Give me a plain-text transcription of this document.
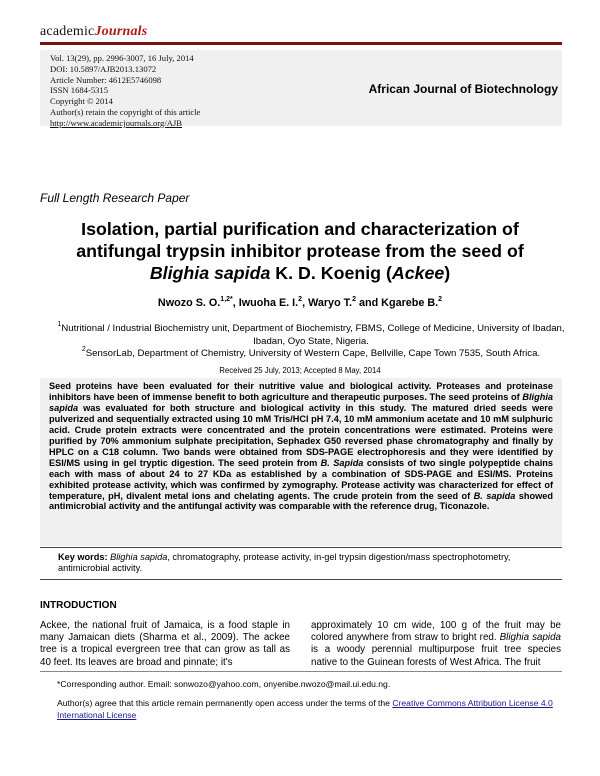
academicJournals
Vol. 13(29), pp. 2996-3007, 16 July, 2014
DOI: 10.5897/AJB2013.13072
Article Number: 4612E5746098
ISSN 1684-5315
Copyright © 2014
Author(s) retain the copyright of this article
http://www.academicjournals.org/AJB
African Journal of Biotechnology
Full Length Research Paper
Isolation, partial purification and characterization of
antifungal trypsin inhibitor protease from the seed of
Blighia sapida K. D. Koenig (Ackee)
Nwozo S. O.$^{1,2*}$, Iwuoha E. I.$^2$, Waryo T.$^2$ and Kgarebe B.$^2$
$^1$Nutritional / Industrial Biochemistry unit, Department of Biochemistry, FBMS, College of Medicine, University of Ibadan, Ibadan, Oyo State, Nigeria.
$^2$SensorLab, Department of Chemistry, University of Western Cape, Bellville, Cape Town 7535, South Africa.
Received 25 July, 2013; Accepted 8 May, 2014
Seed proteins have been evaluated for their nutritive value and biological activity. Proteases and proteinase inhibitors have been of immense benefit to both agriculture and therapeutic purposes. The seed proteins of Blighia sapida was evaluated for both structure and biological activity in this study. The matured dried seeds were pulverized and sequentially extracted using 10 mM Tris/HCl pH 7.4, 10 mM ammonium acetate and 10 mM sulphuric acid. Crude protein extracts were concentrated and the protein concentrations were estimated. Proteins were purified by 70% ammonium sulphate precipitation, Sephadex G50 reversed phase chromatography and finally by HPLC on a C18 column. Two bands were obtained from SDS-PAGE electrophoresis and they were identified by ESI/MS using in gel tryptic digestion. The seed protein from B. Sapida consists of two single polypeptide chains each with mass of about 24 to 27 KDa as established by a combination of SDS-PAGE and ESI/MS. Proteins exhibited protease activity, which was confirmed by zymography. Protease activity was characterized for effect of temperature, pH, divalent metal ions and chelating agents. The crude protein from the seed of B. sapida showed antimicrobial activity and the antifungal activity was comparable with the reference drug, Ticonazole.
Key words: Blighia sapida, chromatography, protease activity, in-gel trypsin digestion/mass spectrophotometry, antimicrobial activity.
INTRODUCTION
Ackee, the national fruit of Jamaica, is a food staple in many Jamaican diets (Sharma et al., 2009). The ackee tree is a tropical evergreen tree that can grow as tall as 40 feet. Its leaves are broad and pinnate; it's
approximately 10 cm wide, 100 g of the fruit may be colored anywhere from straw to bright red. Blighia sapida is a woody perennial multipurpose fruit tree species native to the Guinean forests of West Africa. The fruit
*Corresponding author. Email: sonwozo@yahoo.com, onyenibe.nwozo@mail.ui.edu.ng.
Author(s) agree that this article remain permanently open access under the terms of the Creative Commons Attribution License 4.0 International License
